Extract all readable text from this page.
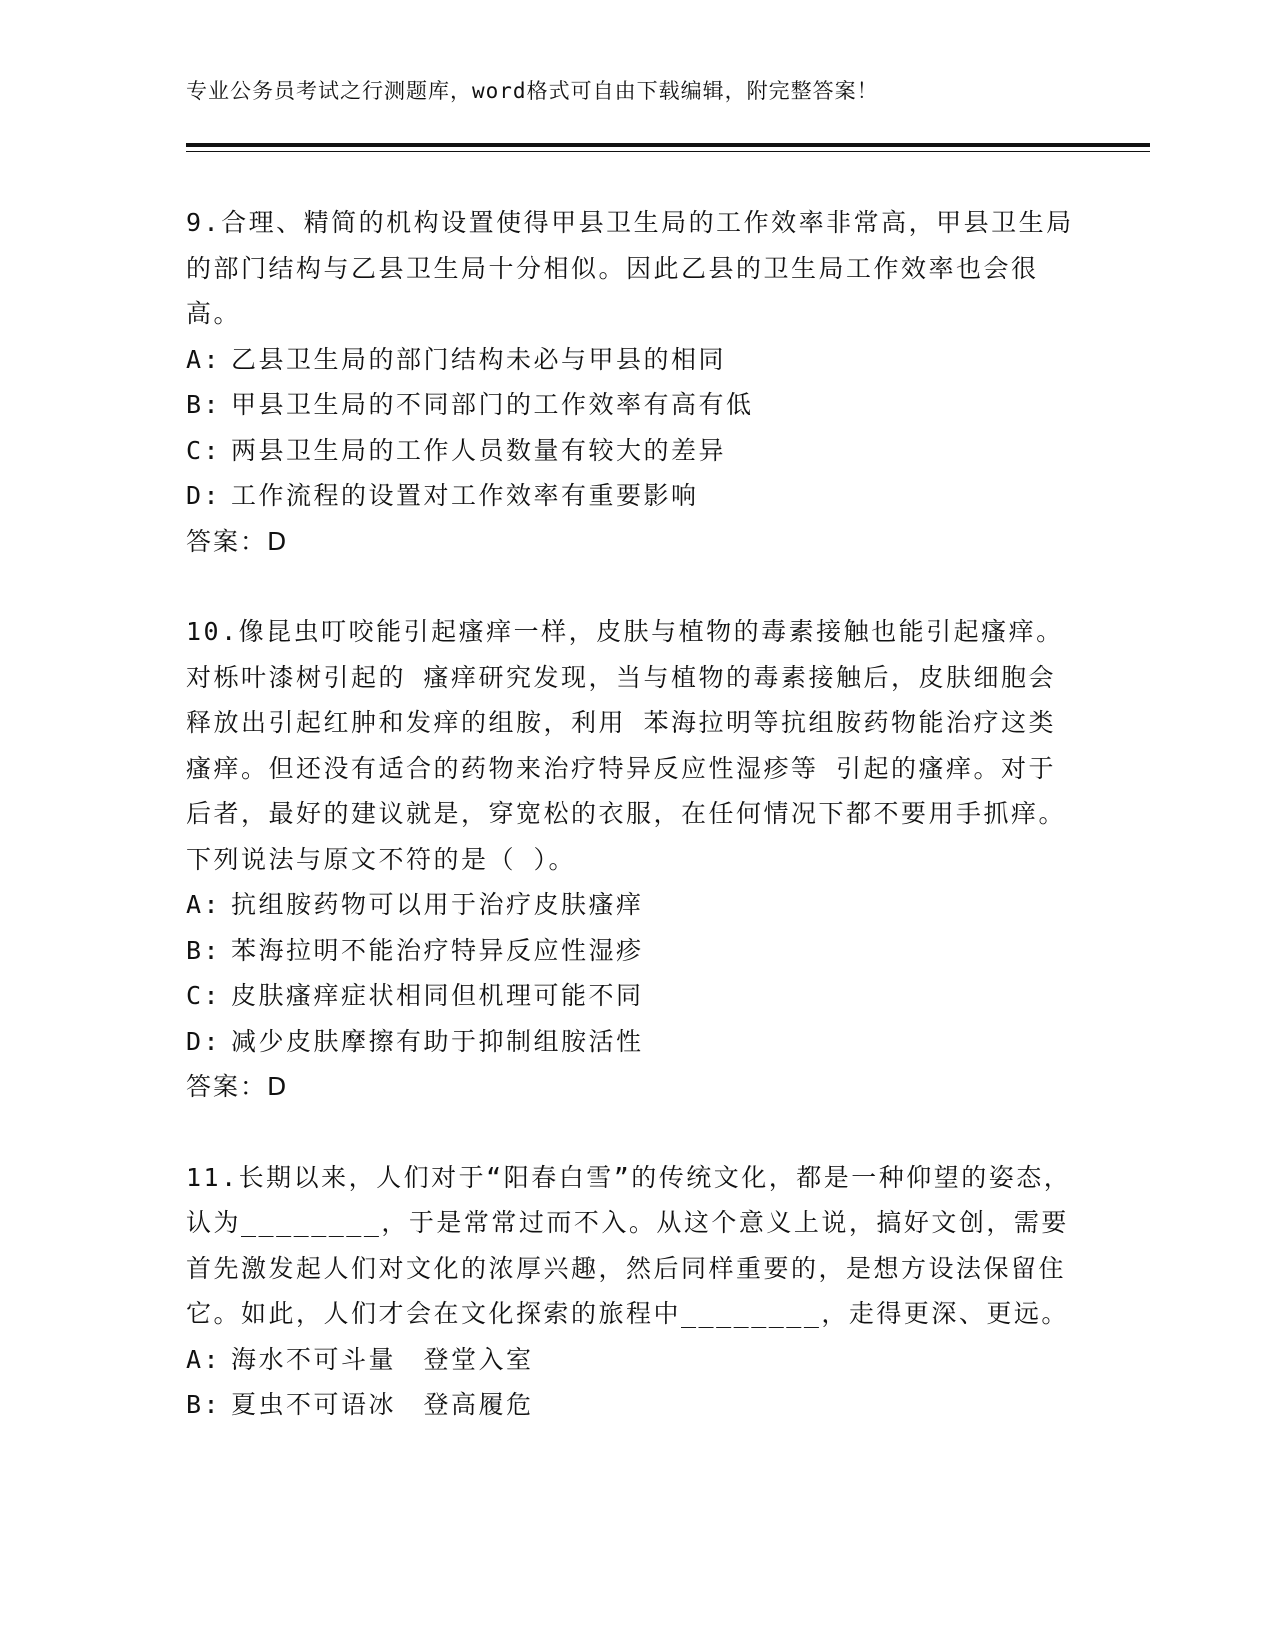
专业公务员考试之行测题库，word格式可自由下载编辑，附完整答案！

9.合理、精简的机构设置使得甲县卫生局的工作效率非常高，甲县卫生局的部门结构与乙县卫生局十分相似。因此乙县的卫生局工作效率也会很高。

A: 乙县卫生局的部门结构未必与甲县的相同

B: 甲县卫生局的不同部门的工作效率有高有低

C: 两县卫生局的工作人员数量有较大的差异

D: 工作流程的设置对工作效率有重要影响

答案：D

10.像昆虫叮咬能引起瘙痒一样，皮肤与植物的毒素接触也能引起瘙痒。对栎叶漆树引起的 瘙痒研究发现，当与植物的毒素接触后，皮肤细胞会释放出引起红肿和发痒的组胺，利用 苯海拉明等抗组胺药物能治疗这类瘙痒。但还没有适合的药物来治疗特异反应性湿疹等 引起的瘙痒。对于后者，最好的建议就是，穿宽松的衣服，在任何情况下都不要用手抓痒。 下列说法与原文不符的是（ ）。

A: 抗组胺药物可以用于治疗皮肤瘙痒

B: 苯海拉明不能治疗特异反应性湿疹

C: 皮肤瘙痒症状相同但机理可能不同

D: 减少皮肤摩擦有助于抑制组胺活性

答案：D

11.长期以来，人们对于“阳春白雪”的传统文化，都是一种仰望的姿态，认为________，于是常常过而不入。从这个意义上说，搞好文创，需要首先激发起人们对文化的浓厚兴趣，然后同样重要的，是想方设法保留住它。如此，人们才会在文化探索的旅程中________，走得更深、更远。

A: 海水不可斗量　登堂入室

B: 夏虫不可语冰　登高履危
